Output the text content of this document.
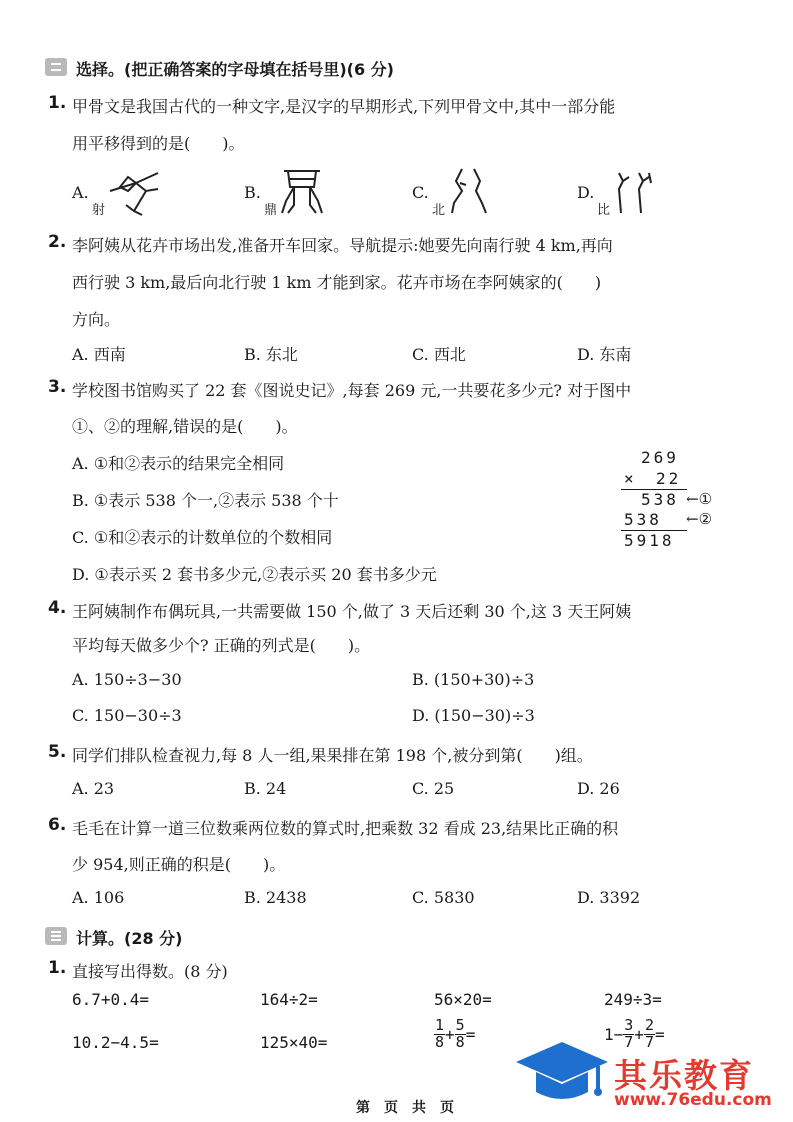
选择。(把正确答案的字母填在括号里)(6 分)
1. 甲骨文是我国古代的一种文字,是汉字的早期形式,下列甲骨文中,其中一部分能
用平移得到的是(　　)。
A.
射
B.
鼎
C.
北
D.
比
2. 李阿姨从花卉市场出发,准备开车回家。导航提示:她要先向南行驶 4 km,再向
西行驶 3 km,最后向北行驶 1 km 才能到家。花卉市场在李阿姨家的(　　)
方向。
A. 西南	B. 东北	C. 西北	D. 东南
3. 学校图书馆购买了 22 套《图说史记》,每套 269 元,一共要花多少元? 对于图中
①、②的理解,错误的是(　　)。
A. ①和②表示的结果完全相同
B. ①表示 538 个一,②表示 538 个十
C. ①和②表示的计数单位的个数相同
D. ①表示买 2 套书多少元,②表示买 20 套书多少元
269
× 22
538 ←①
538 ←②
5918
4. 王阿姨制作布偶玩具,一共需要做 150 个,做了 3 天后还剩 30 个,这 3 天王阿姨
平均每天做多少个? 正确的列式是(　　)。
A. 150÷3−30	B. (150+30)÷3
C. 150−30÷3	D. (150−30)÷3
5. 同学们排队检查视力,每 8 人一组,果果排在第 198 个,被分到第(　　)组。
A. 23	B. 24	C. 25	D. 26
6. 毛毛在计算一道三位数乘两位数的算式时,把乘数 32 看成 23,结果比正确的积
少 954,则正确的积是(　　)。
A. 106	B. 2438	C. 5830	D. 3392
计算。(28 分)
1. 直接写出得数。(8 分)
6.7+0.4=	164÷2=	56×20=	249÷3=
10.2−4.5=	125×40=	$\frac{1}{8} + \frac{5}{8}$ =	$1- \frac{3}{7} + \frac{2}{7}$ =
其乐教育
www.76edu.com
第　页　共　页
